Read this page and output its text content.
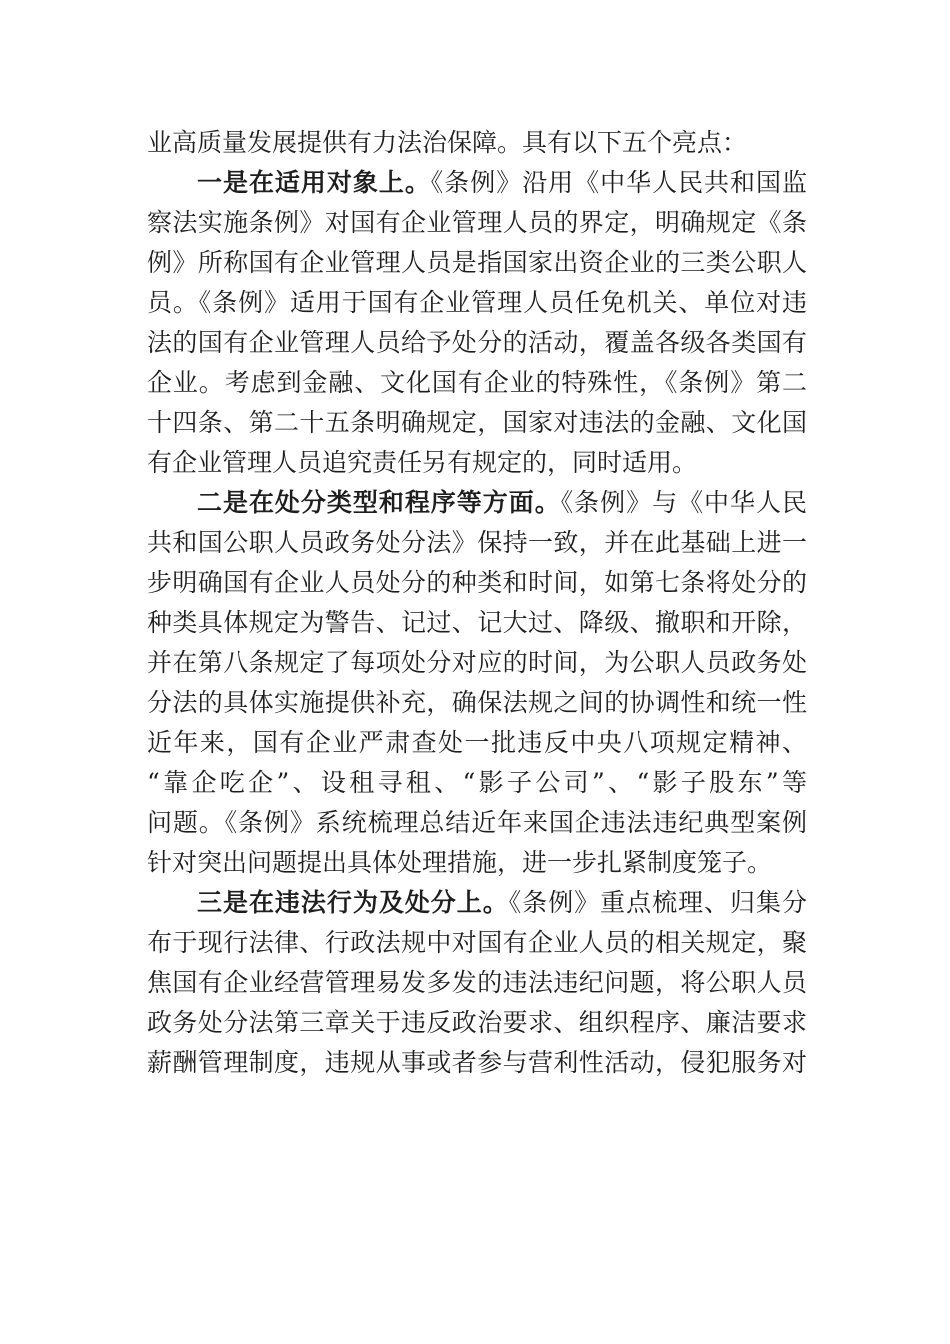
业高质量发展提供有力法治保障。具有以下五个亮点：
一是在适用对象上。《条例》沿用《中华人民共和国监
察法实施条例》对国有企业管理人员的界定，明确规定《条
例》所称国有企业管理人员是指国家出资企业的三类公职人
员。《条例》适用于国有企业管理人员任免机关、单位对违
法的国有企业管理人员给予处分的活动，覆盖各级各类国有
企业。考虑到金融、文化国有企业的特殊性，《条例》第二
十四条、第二十五条明确规定，国家对违法的金融、文化国
有企业管理人员追究责任另有规定的，同时适用。
二是在处分类型和程序等方面。《条例》与《中华人民
共和国公职人员政务处分法》保持一致，并在此基础上进一
步明确国有企业人员处分的种类和时间，如第七条将处分的
种类具体规定为警告、记过、记大过、降级、撤职和开除，
并在第八条规定了每项处分对应的时间，为公职人员政务处
分法的具体实施提供补充，确保法规之间的协调性和统一性
近年来，国有企业严肃查处一批违反中央八项规定精神、
“靠企吃企”、设租寻租、“影子公司”、“影子股东”等
问题。《条例》系统梳理总结近年来国企违法违纪典型案例
针对突出问题提出具体处理措施，进一步扎紧制度笼子。
三是在违法行为及处分上。《条例》重点梳理、归集分
布于现行法律、行政法规中对国有企业人员的相关规定，聚
焦国有企业经营管理易发多发的违法违纪问题，将公职人员
政务处分法第三章关于违反政治要求、组织程序、廉洁要求
薪酬管理制度，违规从事或者参与营利性活动，侵犯服务对
